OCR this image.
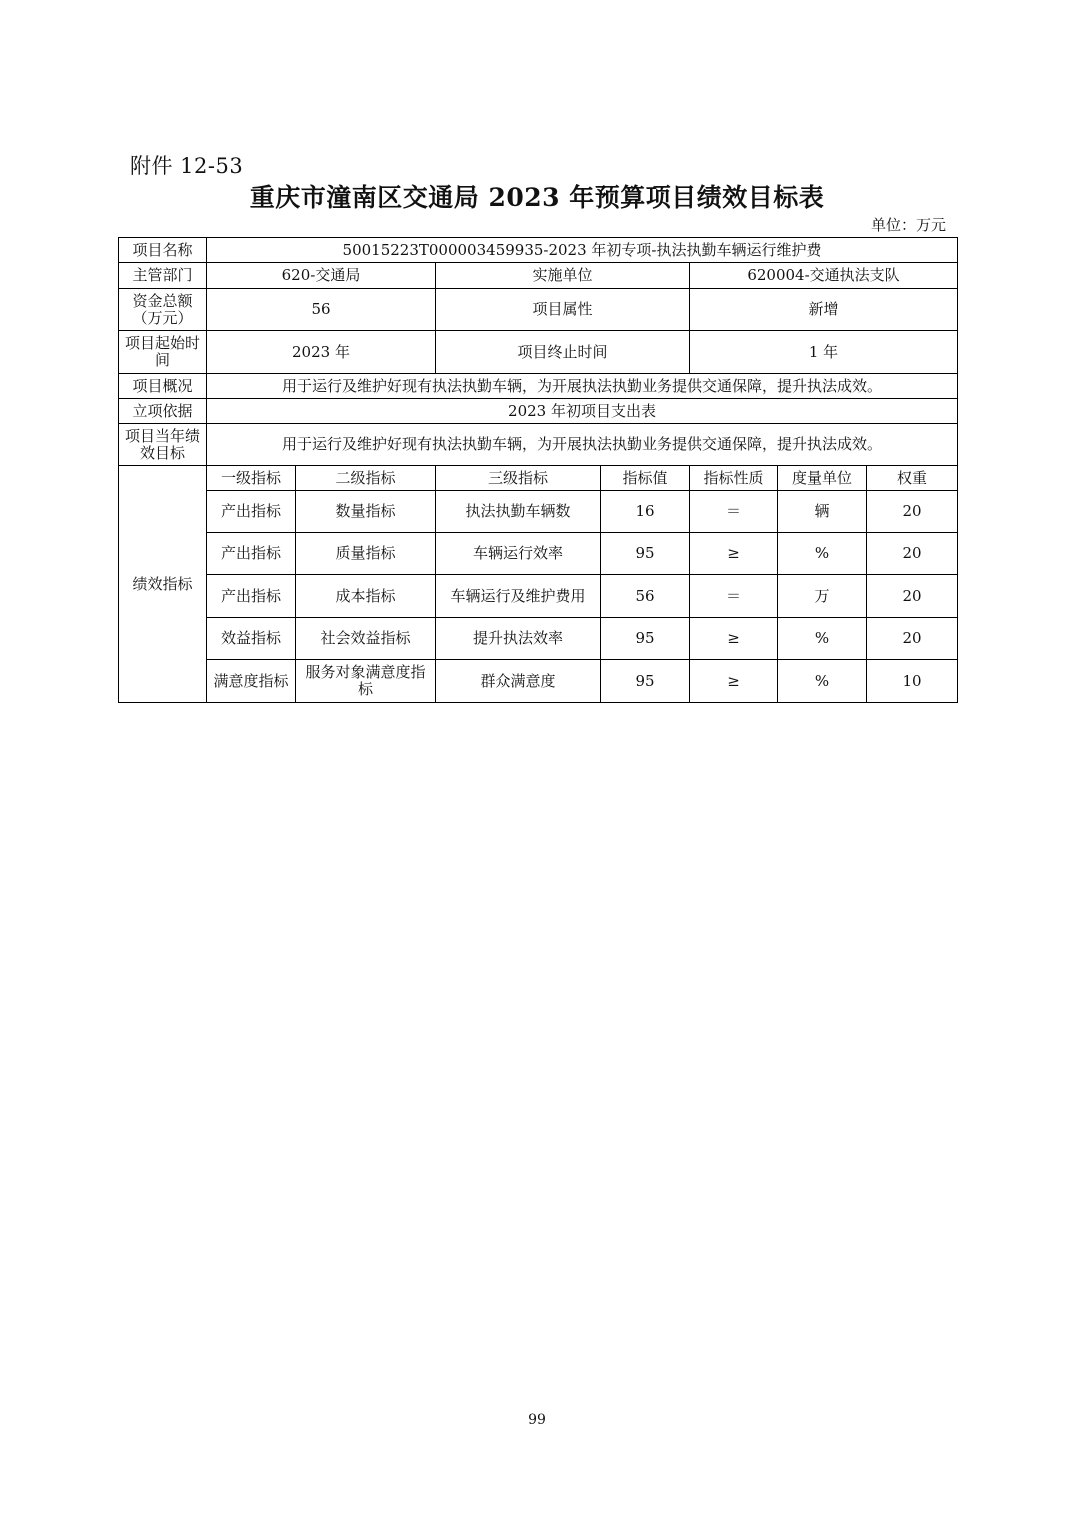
附件 12-53
重庆市潼南区交通局 2023 年预算项目绩效目标表
单位：万元
项目名称	50015223T000003459935-2023 年初专项-执法执勤车辆运行维护费						
主管部门	620-交通局		实施单位		620004-交通执法支队		
资金总额（万元）	56		项目属性		新增		
项目起始时间	2023 年		项目终止时间		1 年		
项目概况	用于运行及维护好现有执法执勤车辆，为开展执法执勤业务提供交通保障，提升执法成效。						
立项依据	2023 年初项目支出表						
项目当年绩效目标	用于运行及维护好现有执法执勤车辆，为开展执法执勤业务提供交通保障，提升执法成效。						
绩效指标	一级指标	二级指标	三级指标	指标值	指标性质	度量单位	权重
	产出指标	数量指标	执法执勤车辆数	16	＝	辆	20
	产出指标	质量指标	车辆运行效率	95	≥	%	20
	产出指标	成本指标	车辆运行及维护费用	56	＝	万	20
	效益指标	社会效益指标	提升执法效率	95	≥	%	20
	满意度指标	服务对象满意度指标	群众满意度	95	≥	%	10
99
